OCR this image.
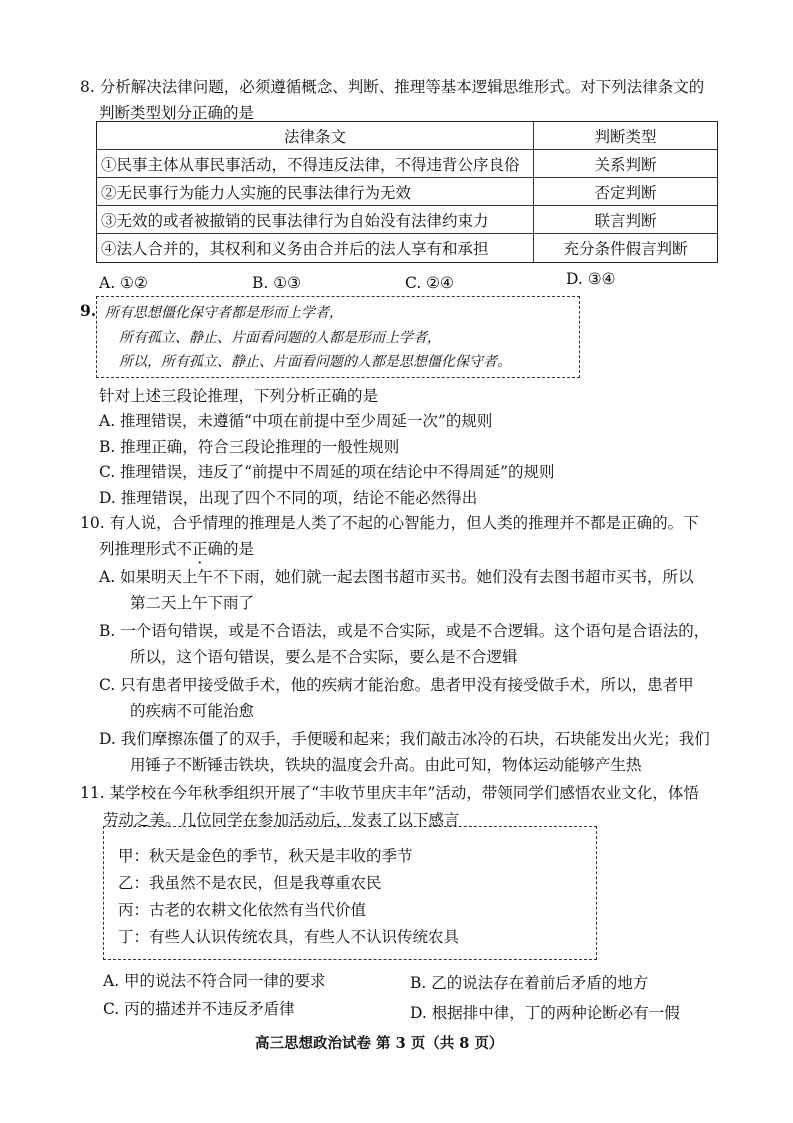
8. 分析解决法律问题，必须遵循概念、判断、推理等基本逻辑思维形式。对下列法律条文的
判断类型划分正确的是
法律条文	判断类型
①民事主体从事民事活动，不得违反法律，不得违背公序良俗	关系判断
②无民事行为能力人实施的民事法律行为无效	否定判断
③无效的或者被撤销的民事法律行为自始没有法律约束力	联言判断
④法人合并的，其权利和义务由合并后的法人享有和承担	充分条件假言判断
A. ①②	B. ①③	C. ②④	D. ③④
9. 所有思想僵化保守者都是形而上学者，
所有孤立、静止、片面看问题的人都是形而上学者，
所以，所有孤立、静止、片面看问题的人都是思想僵化保守者。
针对上述三段论推理，下列分析正确的是
A. 推理错误，未遵循“中项在前提中至少周延一次”的规则
B. 推理正确，符合三段论推理的一般性规则
C. 推理错误，违反了“前提中不周延的项在结论中不得周延”的规则
D. 推理错误，出现了四个不同的项，结论不能必然得出
10. 有人说，合乎情理的推理是人类了不起的心智能力，但人类的推理并不都是正确的。下
列推理形式不正确的是
A. 如果明天上午不下雨，她们就一起去图书超市买书。她们没有去图书超市买书，所以
第二天上午下雨了
B. 一个语句错误，或是不合语法，或是不合实际，或是不合逻辑。这个语句是合语法的，
所以，这个语句错误，要么是不合实际，要么是不合逻辑
C. 只有患者甲接受做手术，他的疾病才能治愈。患者甲没有接受做手术，所以，患者甲
的疾病不可能治愈
D. 我们摩擦冻僵了的双手，手便暖和起来；我们敲击冰冷的石块，石块能发出火光；我们
用锤子不断锤击铁块，铁块的温度会升高。由此可知，物体运动能够产生热
11. 某学校在今年秋季组织开展了“丰收节里庆丰年”活动，带领同学们感悟农业文化，体悟
劳动之美。几位同学在参加活动后，发表了以下感言
甲：秋天是金色的季节，秋天是丰收的季节
乙：我虽然不是农民，但是我尊重农民
丙：古老的农耕文化依然有当代价值
丁：有些人认识传统农具，有些人不认识传统农具
A. 甲的说法不符合同一律的要求	B. 乙的说法存在着前后矛盾的地方
C. 丙的描述并不违反矛盾律	D. 根据排中律，丁的两种论断必有一假
高三思想政治试卷 第 3 页（共 8 页）
